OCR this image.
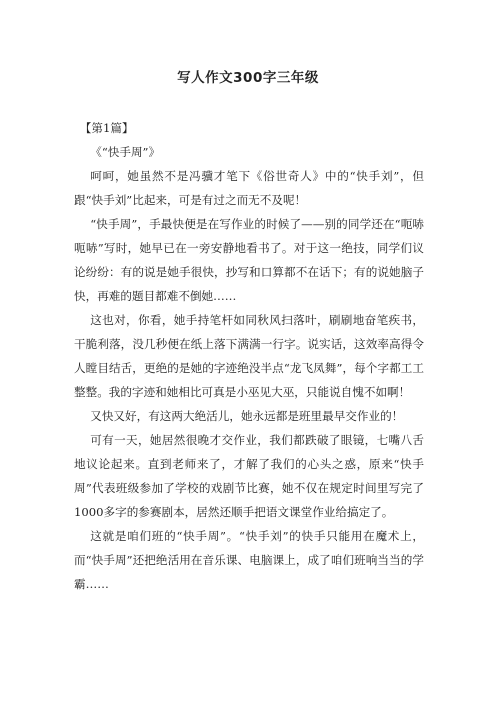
写人作文300字三年级

【第1篇】

《“快手周”》

呵呵，她虽然不是冯骥才笔下《俗世奇人》中的“快手刘”，但跟“快手刘”比起来，可是有过之而无不及呢！

“快手周”，手最快便是在写作业的时候了——别的同学还在“呃哧呃哧”写时，她早已在一旁安静地看书了。对于这一绝技，同学们议论纷纷：有的说是她手很快，抄写和口算都不在话下；有的说她脑子快，再难的题目都难不倒她……

这也对，你看，她手持笔杆如同秋风扫落叶，刷刷地奋笔疾书，干脆利落，没几秒便在纸上落下满满一行字。说实话，这效率高得令人瞠目结舌，更绝的是她的字迹绝没半点“龙飞凤舞”，每个字都工工整整。我的字迹和她相比可真是小巫见大巫，只能说自愧不如啊！

又快又好，有这两大绝活儿，她永远都是班里最早交作业的！

可有一天，她居然很晚才交作业，我们都跌破了眼镜，七嘴八舌地议论起来。直到老师来了，才解了我们的心头之惑，原来“快手周”代表班级参加了学校的戏剧节比赛，她不仅在规定时间里写完了1000多字的参赛剧本，居然还顺手把语文课堂作业给搞定了。

这就是咱们班的“快手周”。“快手刘”的快手只能用在魔术上，而“快手周”还把绝活用在音乐课、电脑课上，成了咱们班响当当的学霸……
